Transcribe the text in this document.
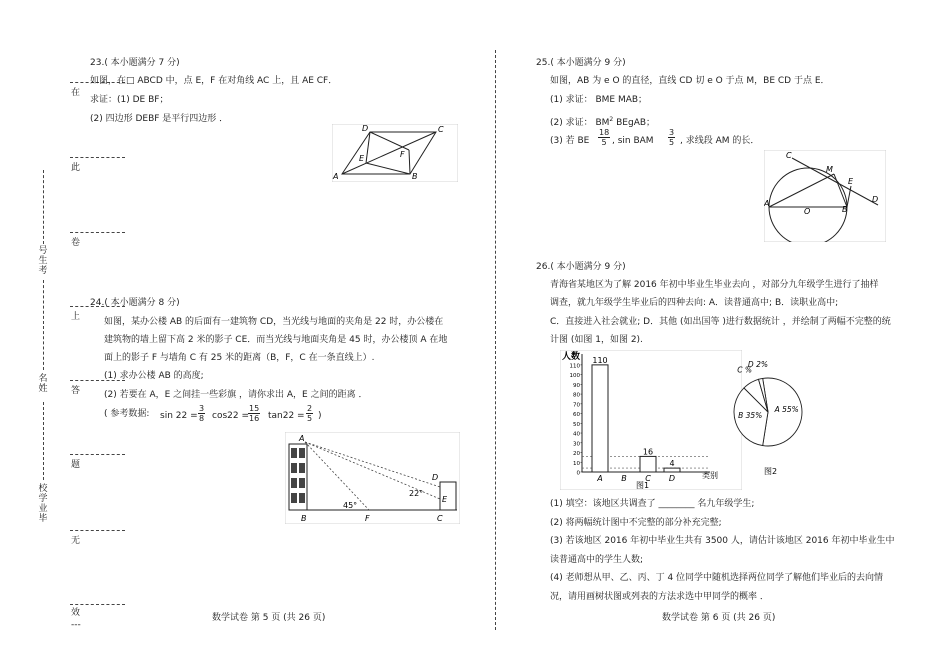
在
此
卷
上
答
题
无
效
---
号生考
名姓
校学业毕
23.( 本小题满分 7 分)
如图，在□ ABCD 中，点 E，F 在对角线 AC 上，且 AE CF．
求证：(1) DE BF；
(2) 四边形 DEBF 是平行四边形 ．
A	B
C
D
E	F
24.( 本小题满分 8 分)
如图，某办公楼 AB 的后面有一建筑物 CD，当光线与地面的夹角是 22 时，办公楼在
建筑物的墙上留下高 2 米的影子 CE．而当光线与地面夹角是 45 时，办公楼顶 A 在地
面上的影子 F 与墙角 C 有 25 米的距离（B，F，C 在一条直线上）.
(1) 求办公楼 AB 的高度;
(2) 若要在 A，E 之间挂一些彩旗 ，请你求出 A，E 之间的距离 ．
( 参考数据: $\sin 22 = \frac{3}{8} \cos 22 = \frac{15}{16} \tan 22 = \frac{2}{5}$ )
A
B	F	C
D
E
45°
22°
数学试卷 第 5 页 (共 26 页)
25.( 本小题满分 9 分)
如图，AB 为 e O 的直径，直线 CD 切 e O 于点 M，BE CD 于点 E．
(1) 求证： BME MAB；
(2) 求证： $BM^2$ BEgAB；
(3) 若 BE $\frac{18}{5}$ , sin BAM $\frac{3}{5}$ , 求线段 AM 的长．
C
M
E
D
A
B
O
26.( 本小题满分 9 分)
青海省某地区为了解 2016 年初中毕业生毕业去向 ，对部分九年级学生进行了抽样
调查，就九年级学生毕业后的四种去向: A．读普通高中; B．读职业高中;
C．直接进入社会就业; D．其他 (如出国等 )进行数据统计 ，并绘制了两幅不完整的统
计图 (如图 1，如图 2).
人数
类别
图1
110
100
90
80
70
60
50
40
30
20
10
0
110
A B
16
C
4
D
A 55%
B 35%
C %
D 2%
图2
(1) 填空：该地区共调查了 ________ 名九年级学生;
(2) 将两幅统计图中不完整的部分补充完整;
(3) 若该地区 2016 年初中毕业生共有 3500 人，请估计该地区 2016 年初中毕业生中
读普通高中的学生人数;
(4) 老师想从甲、乙、丙、丁 4 位同学中随机选择两位同学了解他们毕业后的去向情
况，请用画树状图或列表的方法求选中甲同学的概率 ．
数学试卷 第 6 页 (共 26 页)
